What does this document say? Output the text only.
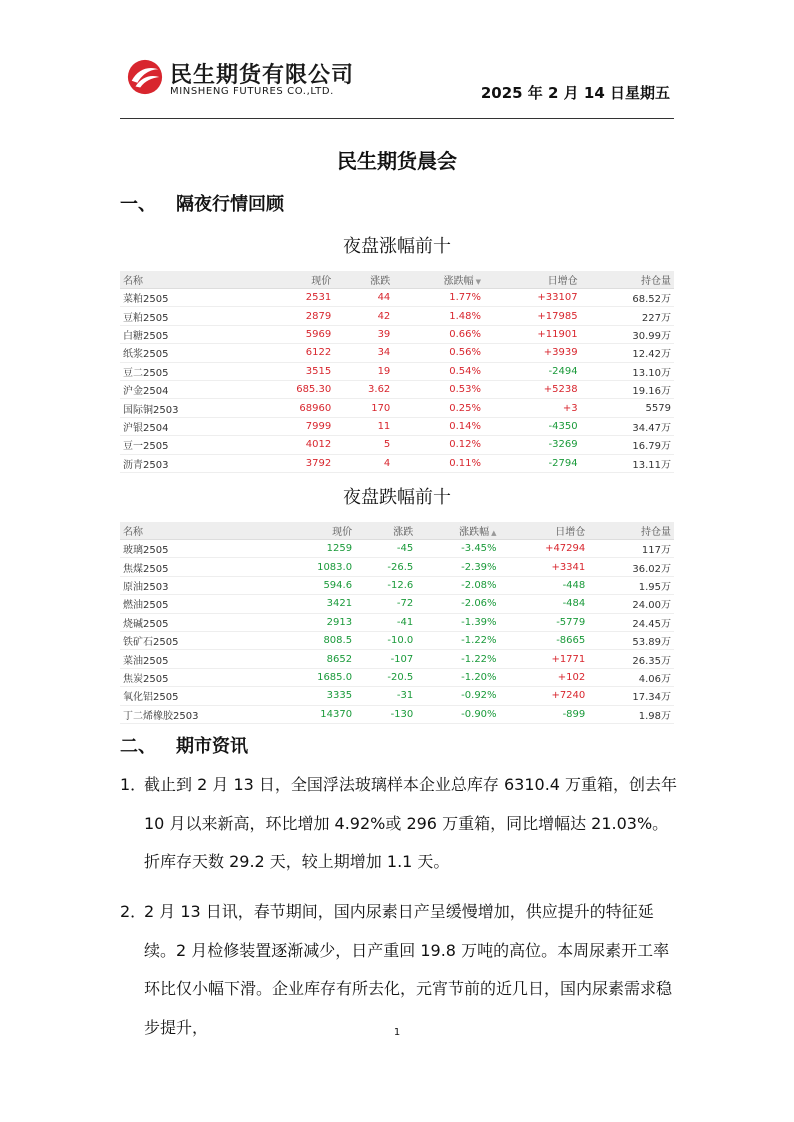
民生期货有限公司
MINSHENG FUTURES CO.,LTD.	2025 年 2 月 14 日星期五
民生期货晨会
一、 隔夜行情回顾
夜盘涨幅前十
名称	现价	涨跌	涨跌幅 ▼	日增仓	持仓量
菜粕2505	2531	44	1.77%	+33107	68.52万
豆粕2505	2879	42	1.48%	+17985	227万
白糖2505	5969	39	0.66%	+11901	30.99万
纸浆2505	6122	34	0.56%	+3939	12.42万
豆二2505	3515	19	0.54%	-2494	13.10万
沪金2504	685.30	3.62	0.53%	+5238	19.16万
国际铜2503	68960	170	0.25%	+3	5579
沪银2504	7999	11	0.14%	-4350	34.47万
豆一2505	4012	5	0.12%	-3269	16.79万
沥青2503	3792	4	0.11%	-2794	13.11万
夜盘跌幅前十
名称	现价	涨跌	涨跌幅 ▲	日增仓	持仓量
玻璃2505	1259	-45	-3.45%	+47294	117万
焦煤2505	1083.0	-26.5	-2.39%	+3341	36.02万
原油2503	594.6	-12.6	-2.08%	-448	1.95万
燃油2505	3421	-72	-2.06%	-484	24.00万
烧碱2505	2913	-41	-1.39%	-5779	24.45万
铁矿石2505	808.5	-10.0	-1.22%	-8665	53.89万
菜油2505	8652	-107	-1.22%	+1771	26.35万
焦炭2505	1685.0	-20.5	-1.20%	+102	4.06万
氧化铝2505	3335	-31	-0.92%	+7240	17.34万
丁二烯橡胶2503	14370	-130	-0.90%	-899	1.98万
二、 期市资讯
1．
截止到 2 月 13 日，全国浮法玻璃样本企业总库存 6310.4 万重箱，创去年 10 月以来新高，环比增加 4.92%或 296 万重箱，同比增幅达 21.03%。折库存天数 29.2 天，较上期增加 1.1 天。
2．
2 月 13 日讯，春节期间，国内尿素日产呈缓慢增加，供应提升的特征延续。2 月检修装置逐渐减少，日产重回 19.8 万吨的高位。本周尿素开工率环比仅小幅下滑。企业库存有所去化，元宵节前的近几日，国内尿素需求稳步提升，	1
